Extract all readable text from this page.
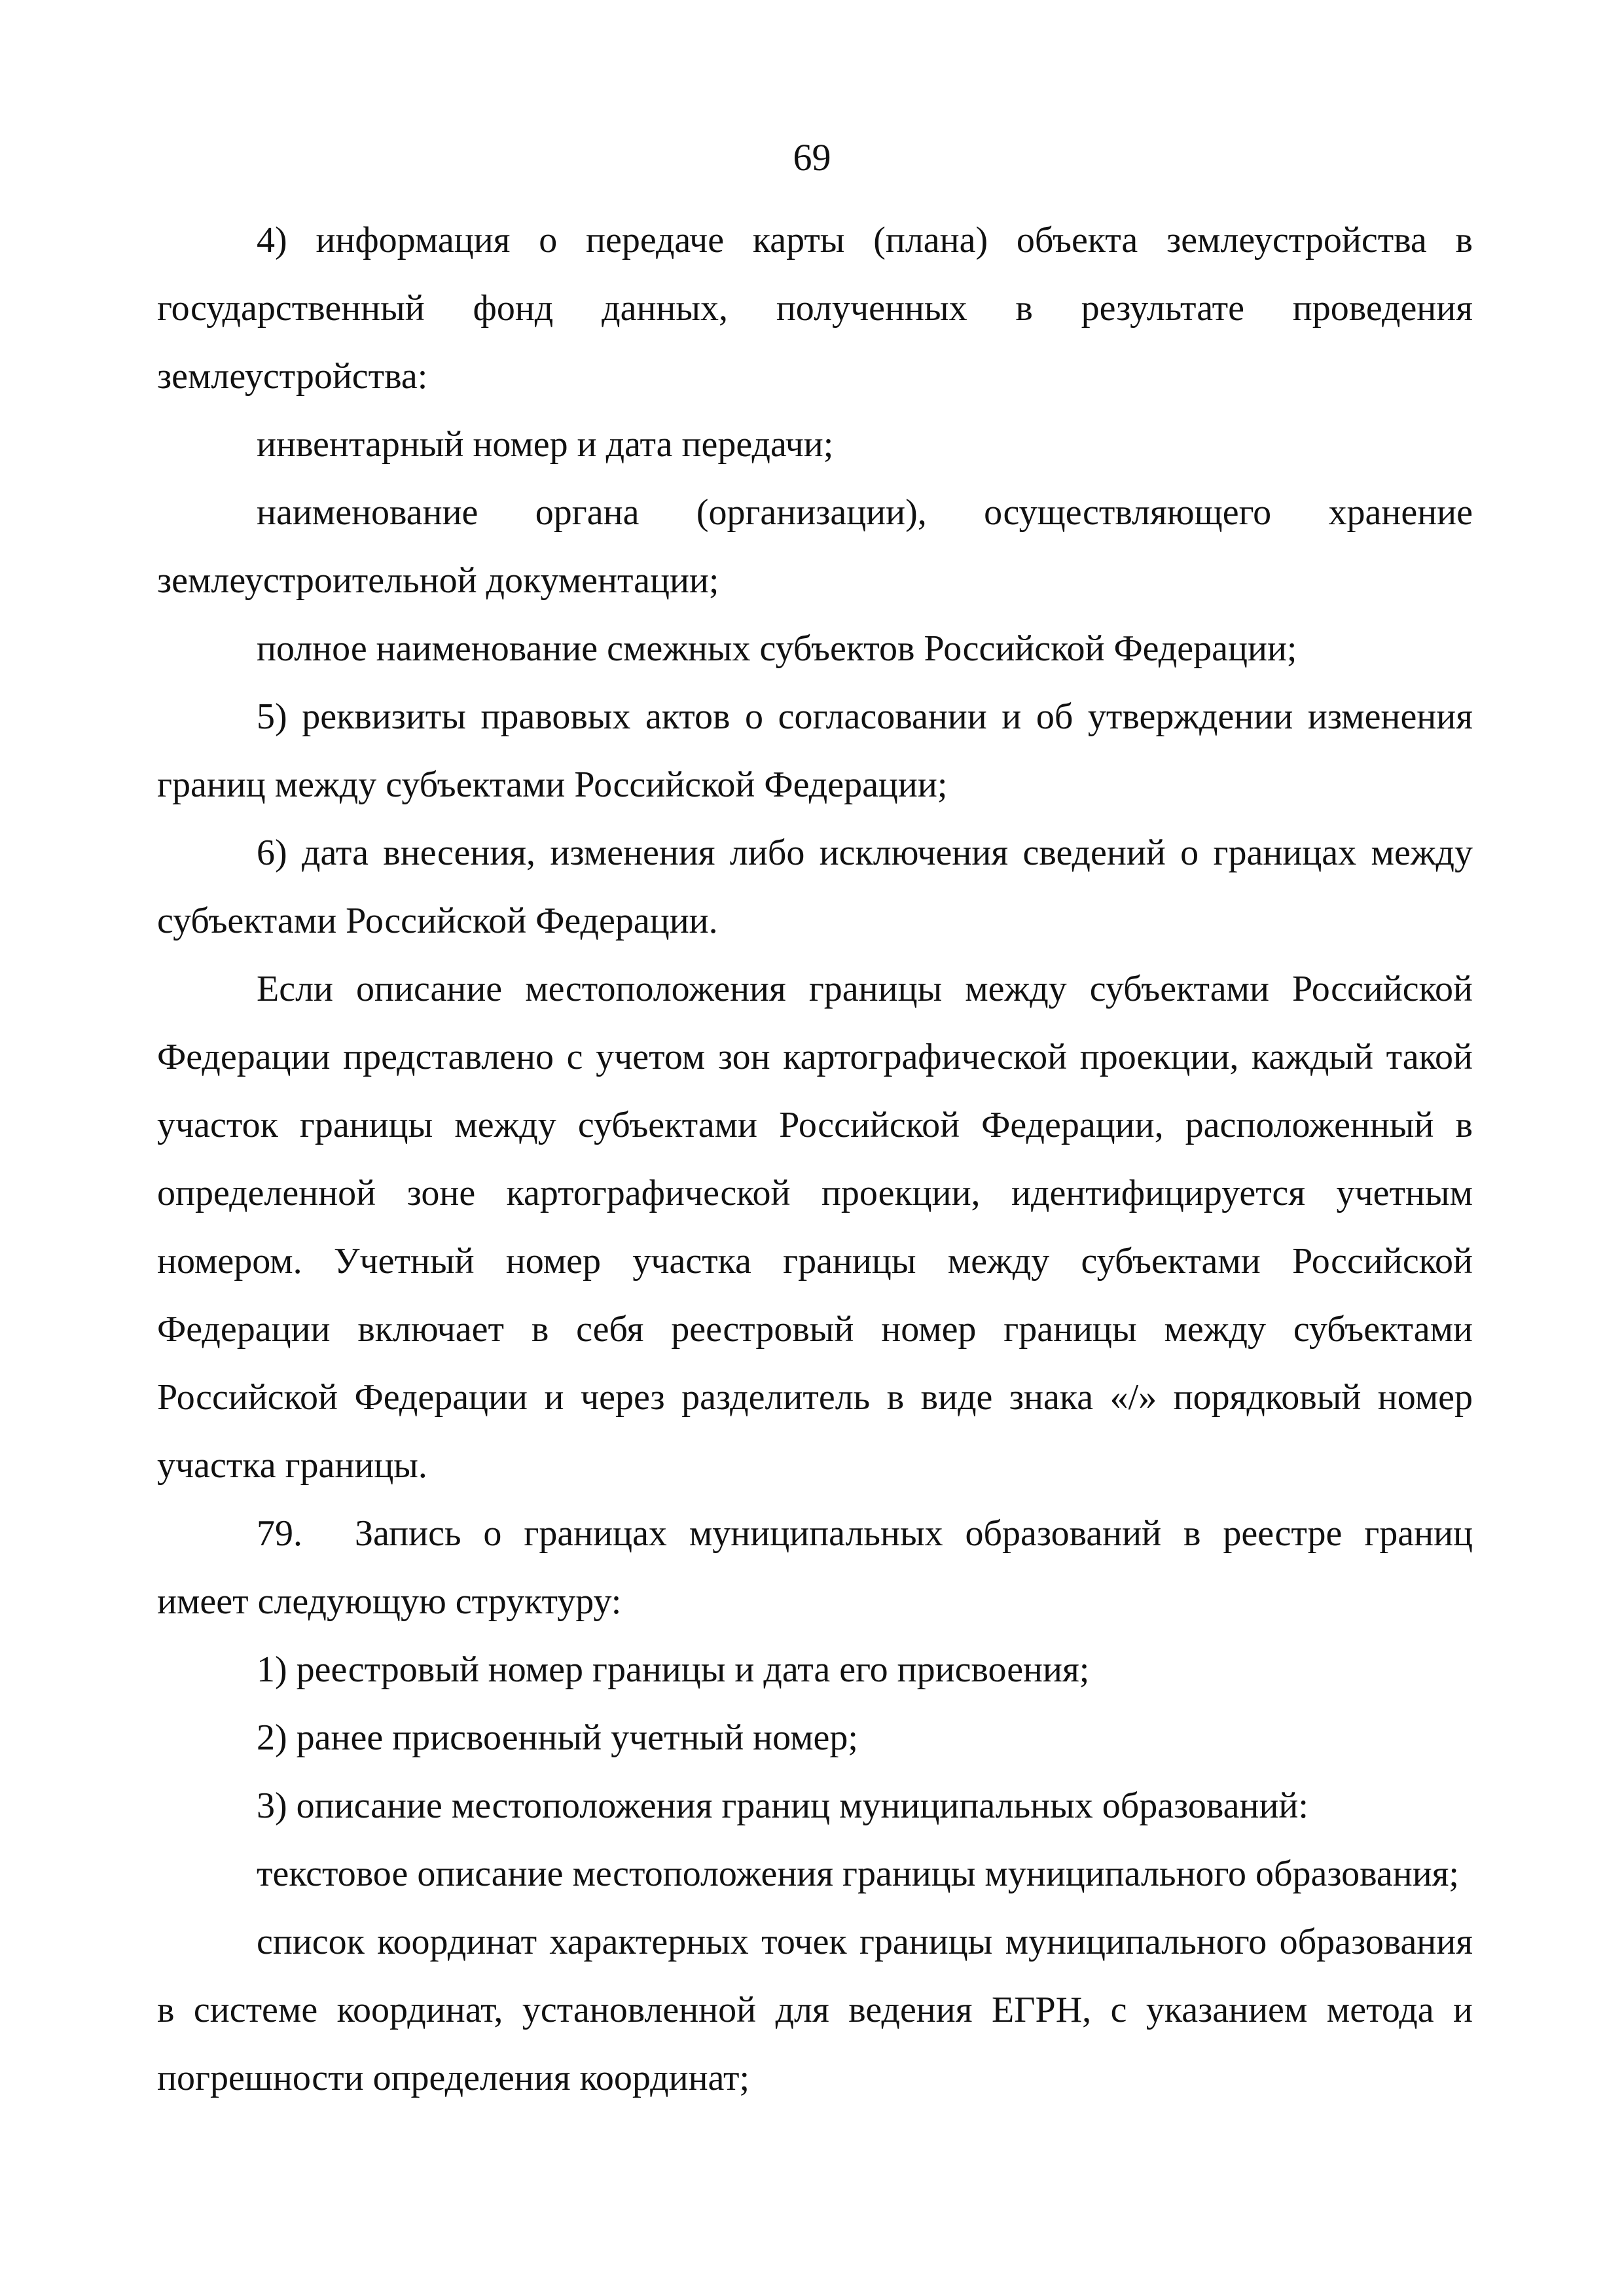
69

4) информация о передаче карты (плана) объекта землеустройства в государственный фонд данных, полученных в результате проведения землеустройства:

инвентарный номер и дата передачи;

наименование органа (организации), осуществляющего хранение землеустроительной документации;

полное наименование смежных субъектов Российской Федерации;

5) реквизиты правовых актов о согласовании и об утверждении изменения границ между субъектами Российской Федерации;

6) дата внесения, изменения либо исключения сведений о границах между субъектами Российской Федерации.

Если описание местоположения границы между субъектами Российской Федерации представлено с учетом зон картографической проекции, каждый такой участок границы между субъектами Российской Федерации, расположенный в определенной зоне картографической проекции, идентифицируется учетным номером. Учетный номер участка границы между субъектами Российской Федерации включает в себя реестровый номер границы между субъектами Российской Федерации и через разделитель в виде знака «/» порядковый номер участка границы.

79. Запись о границах муниципальных образований в реестре границ имеет следующую структуру:

1) реестровый номер границы и дата его присвоения;

2) ранее присвоенный учетный номер;

3) описание местоположения границ муниципальных образований:

текстовое описание местоположения границы муниципального образования;

список координат характерных точек границы муниципального образования в системе координат, установленной для ведения ЕГРН, с указанием метода и погрешности определения координат;
